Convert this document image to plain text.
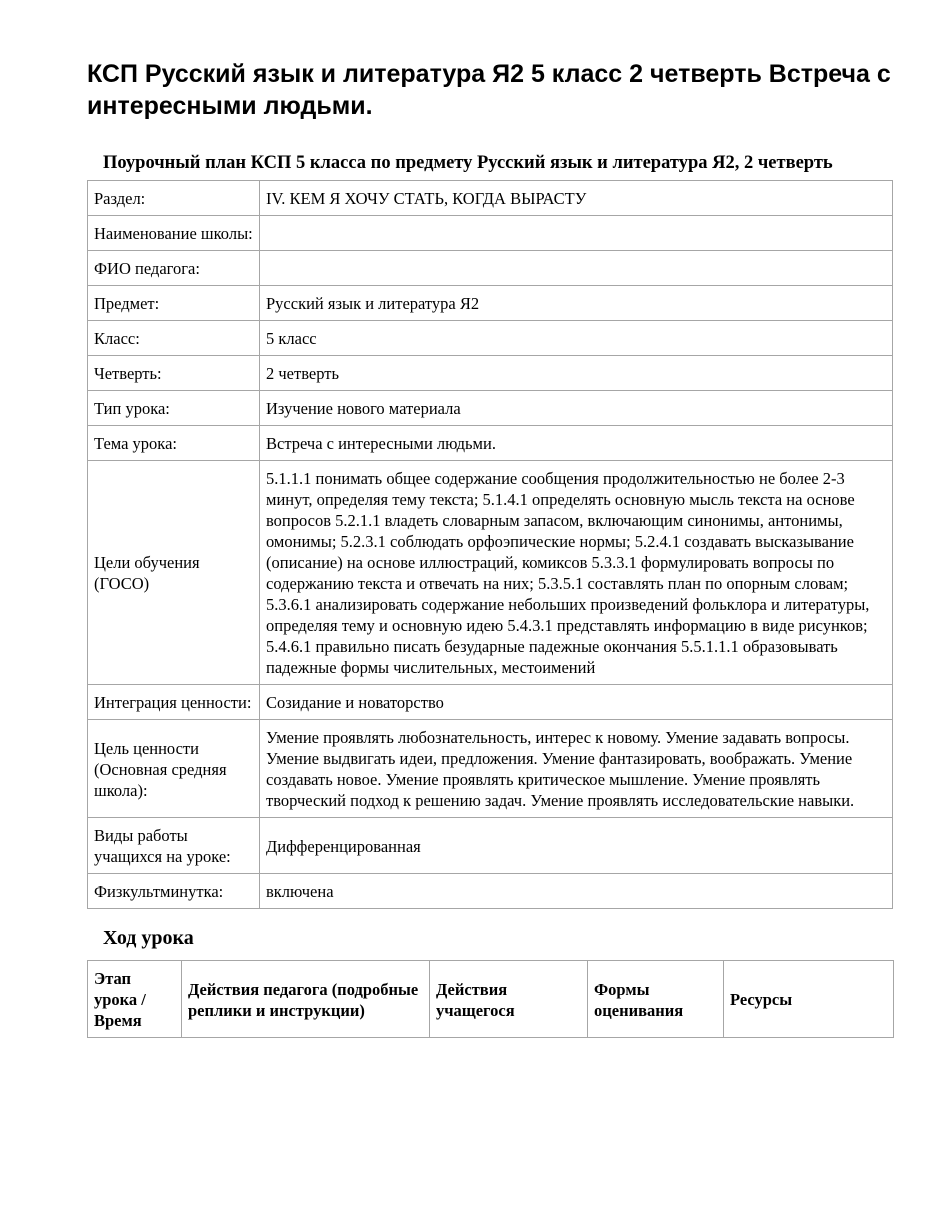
КСП Русский язык и литература Я2 5 класс 2 четверть Встреча с интересными людьми.
Поурочный план КСП 5 класса по предмету Русский язык и литература Я2, 2 четверть
Раздел:	IV. КЕМ Я ХОЧУ СТАТЬ, КОГДА ВЫРАСТУ
Наименование школы:	
ФИО педагога:	
Предмет:	Русский язык и литература Я2
Класс:	5 класс
Четверть:	2 четверть
Тип урока:	Изучение нового материала
Тема урока:	Встреча с интересными людьми.
Цели обучения (ГОСО)	5.1.1.1 понимать общее содержание сообщения продолжительностью не более 2-3 минут, определяя тему текста; 5.1.4.1 определять основную мысль текста на основе вопросов 5.2.1.1 владеть словарным запасом, включающим синонимы, антонимы, омонимы; 5.2.3.1 соблюдать орфоэпические нормы; 5.2.4.1 создавать высказывание (описание) на основе иллюстраций, комиксов 5.3.3.1 формулировать вопросы по содержанию текста и отвечать на них; 5.3.5.1 составлять план по опорным словам; 5.3.6.1 анализировать содержание небольших произведений фольклора и литературы, определяя тему и основную идею 5.4.3.1 представлять информацию в виде рисунков; 5.4.6.1 правильно писать безударные падежные окончания 5.5.1.1.1 образовывать падежные формы числительных, местоимений
Интеграция ценности:	Созидание и новаторство
Цель ценности (Основная средняя школа):	Умение проявлять любознательность, интерес к новому. Умение задавать вопросы. Умение выдвигать идеи, предложения. Умение фантазировать, воображать. Умение создавать новое. Умение проявлять критическое мышление. Умение проявлять творческий подход к решению задач. Умение проявлять исследовательские навыки.
Виды работы учащихся на уроке:	Дифференцированная
Физкультминутка:	включена
Ход урока
Этап урока / Время	Действия педагога (подробные реплики и инструкции)	Действия учащегося	Формы оценивания	Ресурсы
